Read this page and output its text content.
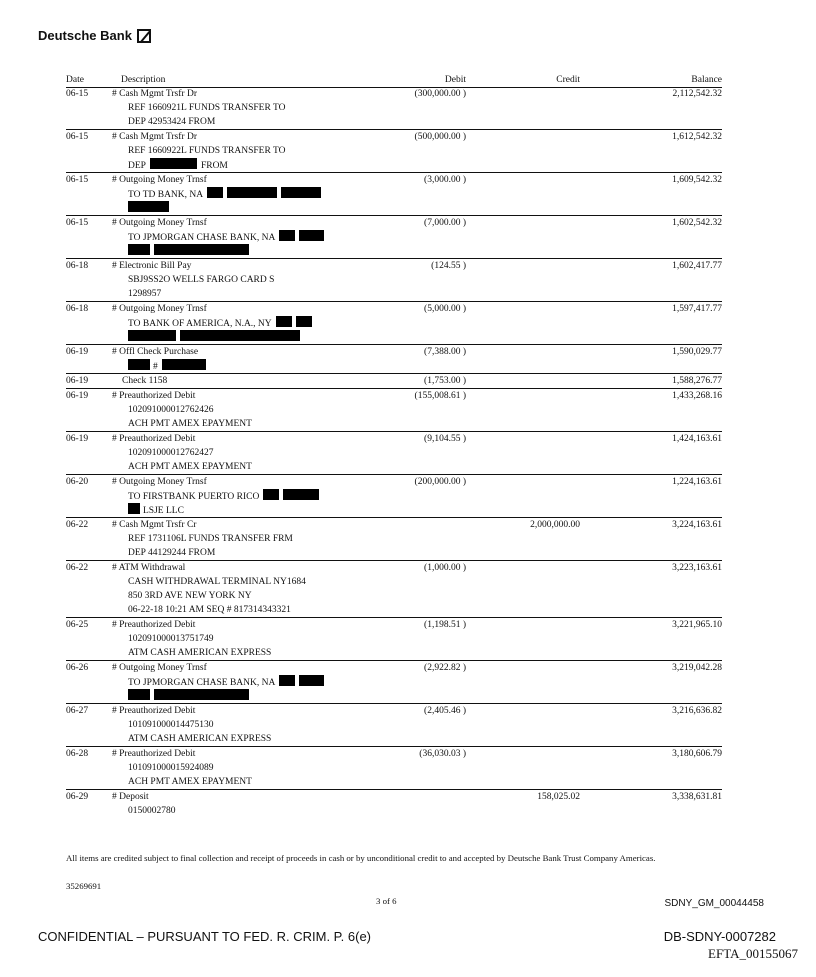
Deutsche Bank
Date	Description	Debit	Credit	Balance
06-15	# Cash Mgmt Trsfr Dr
REF 1660921L FUNDS TRANSFER TO
DEP 42953424 FROM
(300,000.00 )	2,112,542.32
06-15	# Cash Mgmt Trsfr Dr
REF 1660922L FUNDS TRANSFER TO
DEP	FROM
(500,000.00 )	1,612,542.32
06-15	# Outgoing Money Trnsf
TO TD BANK, NA
(3,000.00 )	1,609,542.32
06-15	# Outgoing Money Trnsf
TO JPMORGAN CHASE BANK, NA
(7,000.00 )	1,602,542.32
06-18	# Electronic Bill Pay
SBJ9SS2O WELLS FARGO CARD S
1298957
(124.55 )	1,602,417.77
06-18	# Outgoing Money Trnsf
TO BANK OF AMERICA, N.A., NY
(5,000.00 )	1,597,417.77
06-19	# Offl Check Purchase
#
(7,388.00 )	1,590,029.77
06-19	Check 1158	(1,753.00 )	1,588,276.77
06-19	# Preauthorized Debit
102091000012762426
ACH PMT AMEX EPAYMENT
(155,008.61 )	1,433,268.16
06-19	# Preauthorized Debit
102091000012762427
ACH PMT AMEX EPAYMENT
(9,104.55 )	1,424,163.61
06-20	# Outgoing Money Trnsf
TO FIRSTBANK PUERTO RICO
LSJE LLC
(200,000.00 )	1,224,163.61
06-22	# Cash Mgmt Trsfr Cr
REF 1731106L FUNDS TRANSFER FRM
DEP 44129244 FROM
2,000,000.00	3,224,163.61
06-22	# ATM Withdrawal
CASH WITHDRAWAL TERMINAL NY1684
850 3RD AVE NEW YORK NY
06-22-18 10:21 AM SEQ # 817314343321
(1,000.00 )	3,223,163.61
06-25	# Preauthorized Debit
102091000013751749
ATM CASH AMERICAN EXPRESS
(1,198.51 )	3,221,965.10
06-26	# Outgoing Money Trnsf
TO JPMORGAN CHASE BANK, NA
(2,922.82 )	3,219,042.28
06-27	# Preauthorized Debit
101091000014475130
ATM CASH AMERICAN EXPRESS
(2,405.46 )	3,216,636.82
06-28	# Preauthorized Debit
101091000015924089
ACH PMT AMEX EPAYMENT
(36,030.03 )	3,180,606.79
06-29	# Deposit
0150002780
158,025.02	3,338,631.81
All items are credited subject to final collection and receipt of proceeds in cash or by unconditional credit to and accepted by Deutsche Bank Trust Company Americas.
35269691
3 of 6	SDNY_GM_00044458
CONFIDENTIAL – PURSUANT TO FED. R. CRIM. P. 6(e)	DB-SDNY-0007282
EFTA_00155067
